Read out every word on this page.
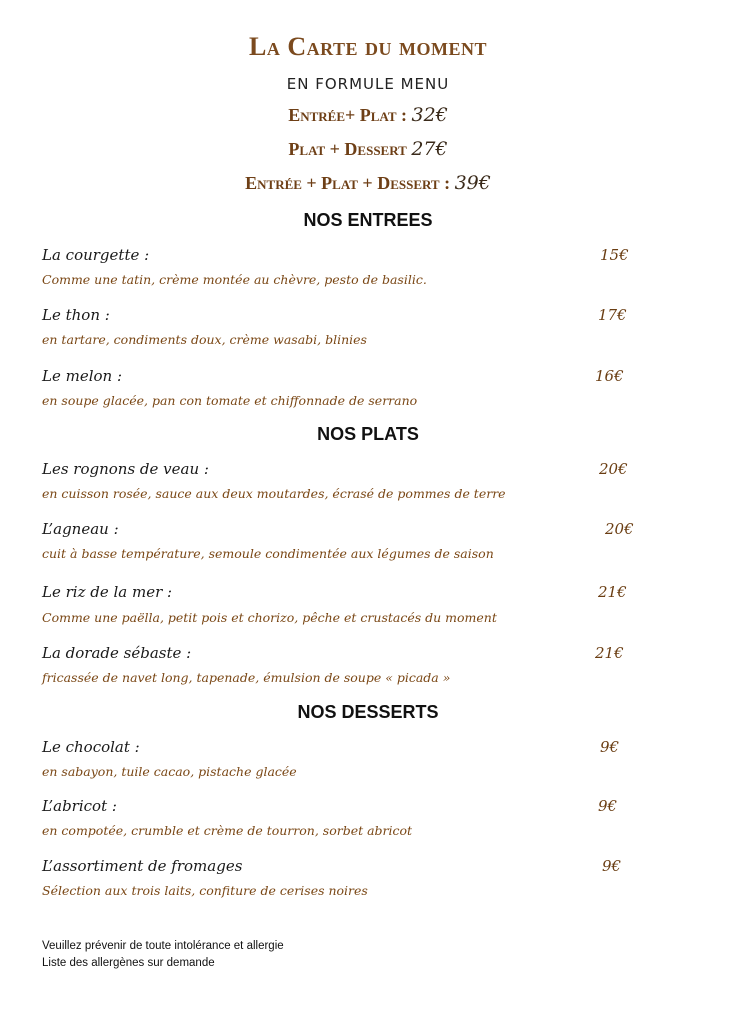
La Carte du moment
EN FORMULE MENU
Entrée+ Plat : 32€
Plat + Dessert 27€
Entrée + Plat + Dessert : 39€
NOS ENTREES
La courgette :	15€
Comme une tatin, crème montée au chèvre, pesto de basilic.
Le thon :	17€
en tartare, condiments doux, crème wasabi, blinies
Le melon :	16€
en soupe glacée, pan con tomate et chiffonnade de serrano
NOS PLATS
Les rognons de veau :	20€
en cuisson rosée, sauce aux deux moutardes, écrasé de pommes de terre
L’agneau :	20€
cuit à basse température, semoule condimentée aux légumes de saison
Le riz de la mer :	21€
Comme une paëlla, petit pois et chorizo, pêche et crustacés du moment
La dorade sébaste :	21€
fricassée de navet long, tapenade, émulsion de soupe « picada »
NOS DESSERTS
Le chocolat :	9€
en sabayon, tuile cacao, pistache glacée
L’abricot :	9€
en compotée, crumble et crème de tourron, sorbet abricot
L’assortiment de fromages	9€
Sélection aux trois laits, confiture de cerises noires
Veuillez prévenir de toute intolérance et allergie
Liste des allergènes sur demande
